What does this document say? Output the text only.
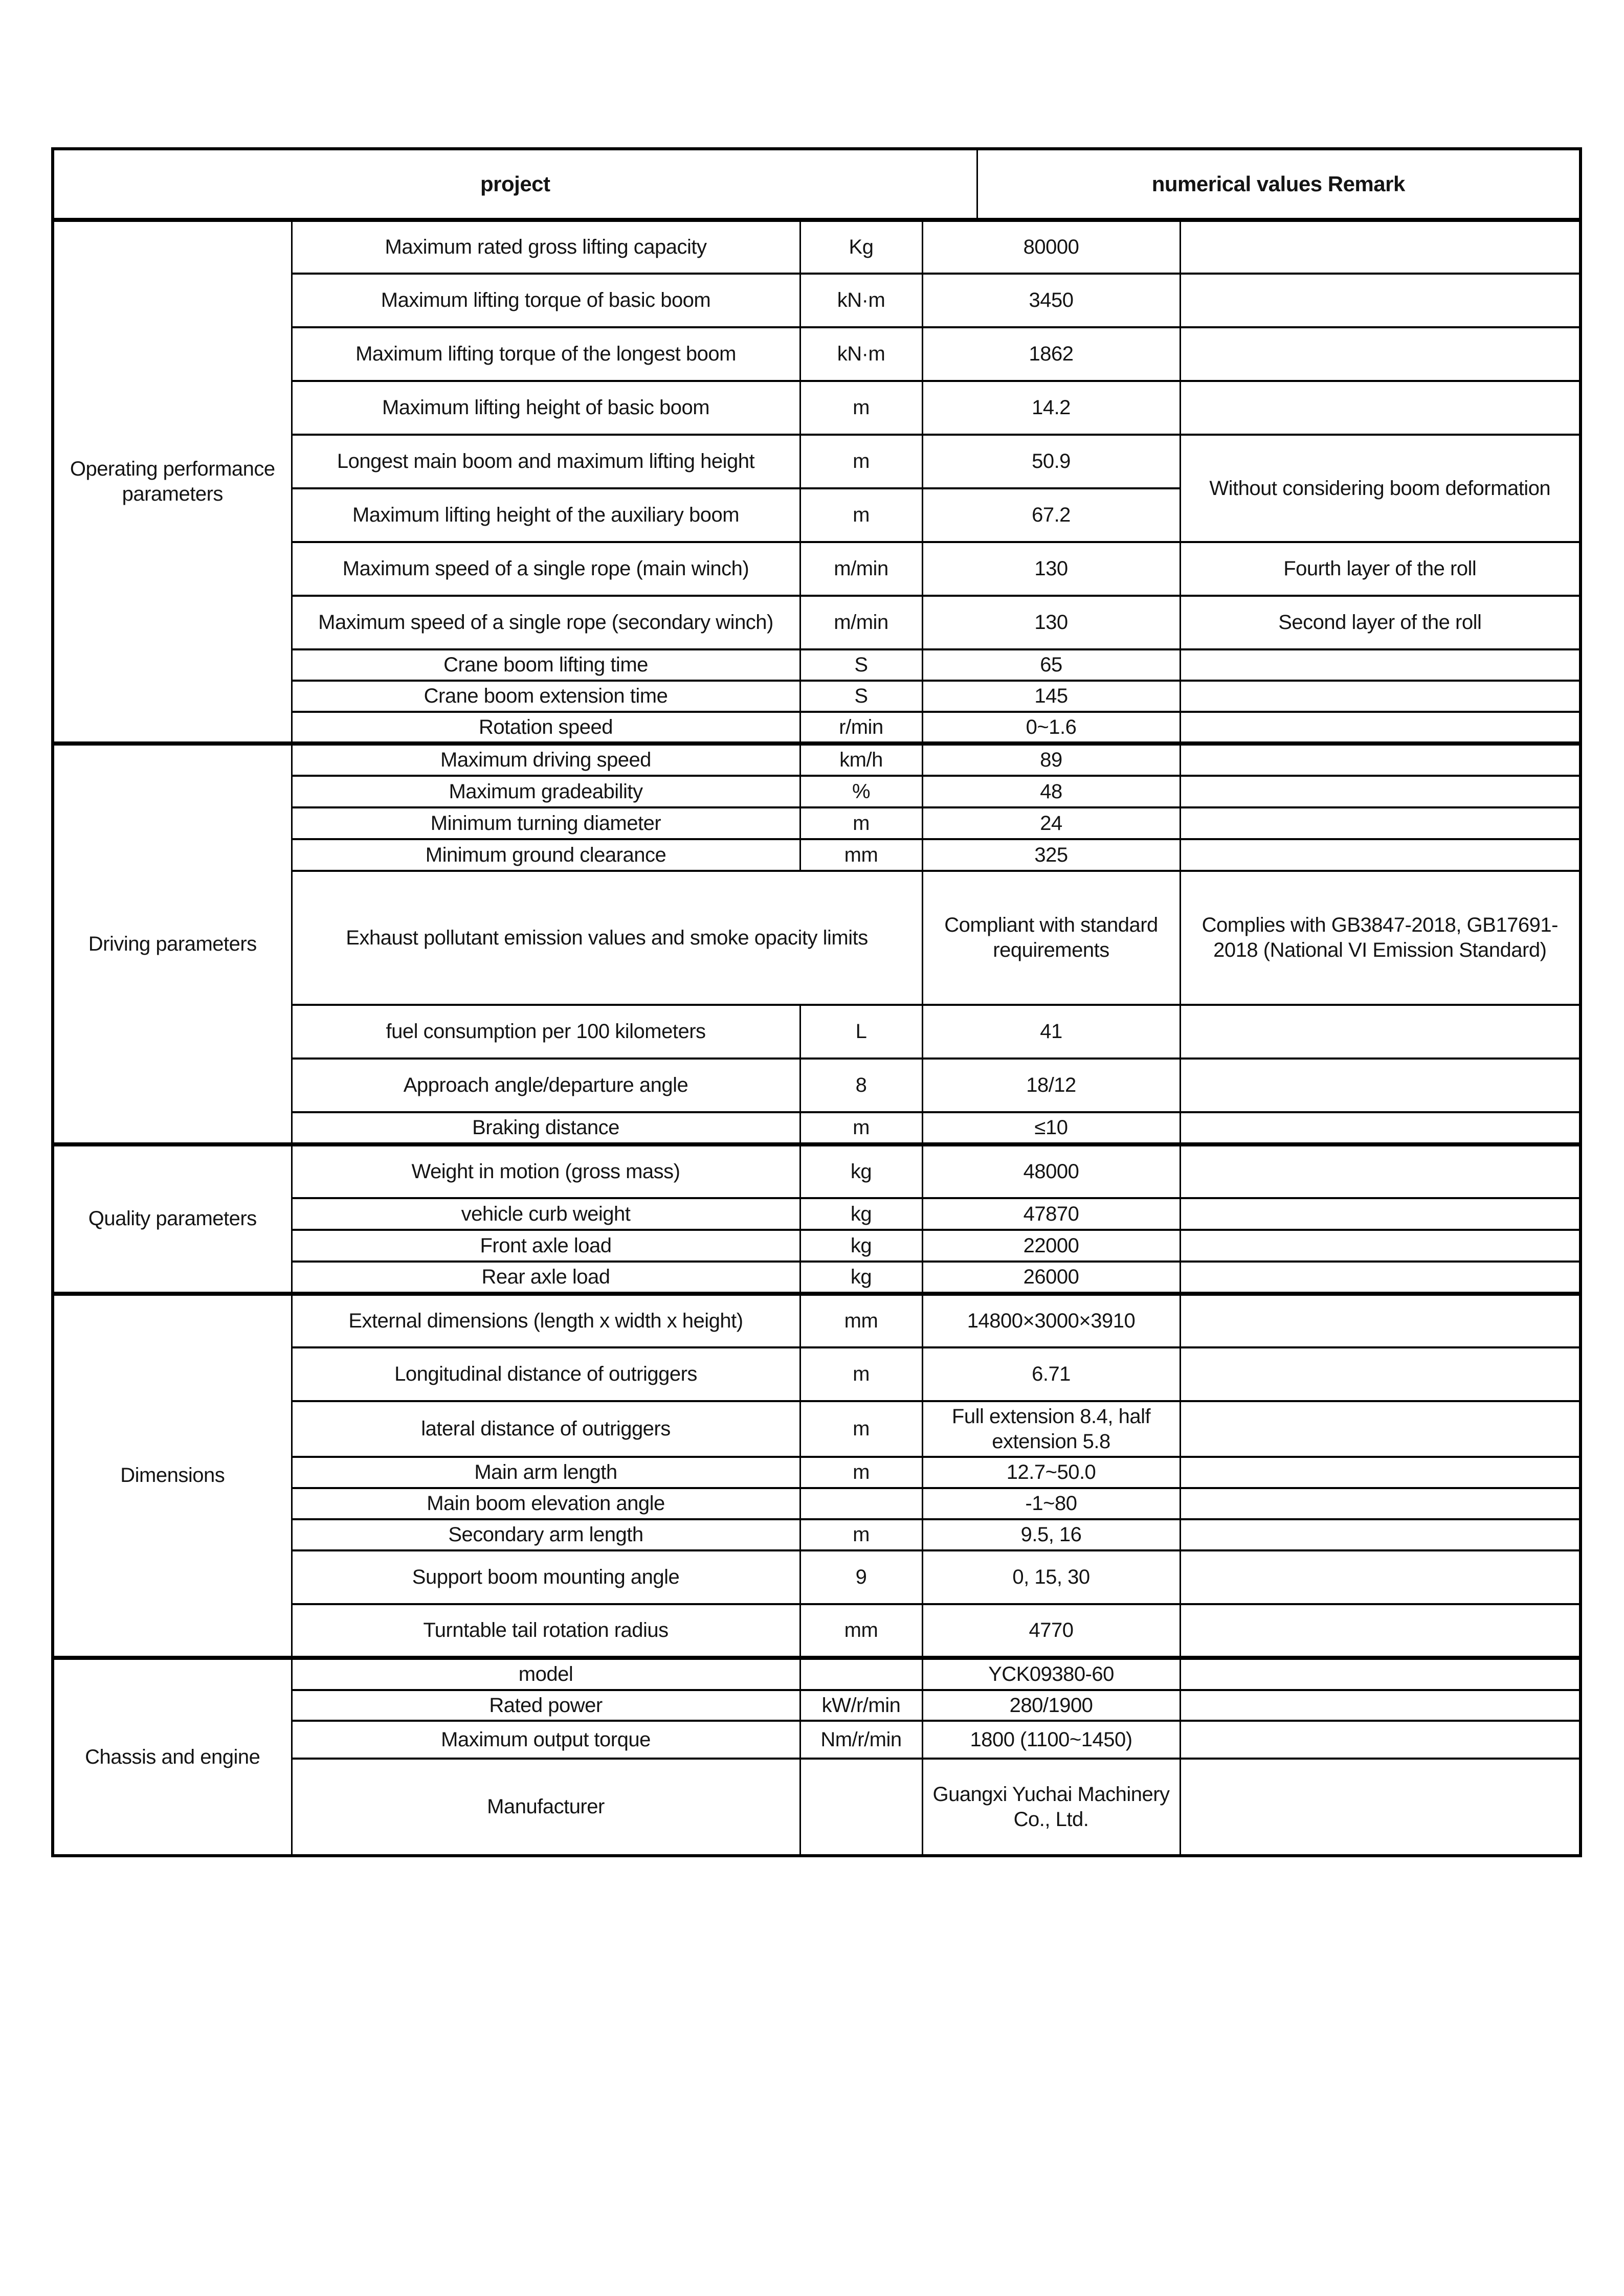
project				numerical values Remark	
Operating performance parameters	Maximum rated gross lifting capacity	Kg	80000		
	Maximum lifting torque of basic boom	kN·m	3450		
	Maximum lifting torque of the longest boom	kN·m	1862		
	Maximum lifting height of basic boom	m	14.2		
	Longest main boom and maximum lifting height	m	50.9		Without considering boom deformation
	Maximum lifting height of the auxiliary boom	m	67.2		
	Maximum speed of a single rope (main winch)	m/min	130		Fourth layer of the roll
	Maximum speed of a single rope (secondary winch)	m/min	130		Second layer of the roll
	Crane boom lifting time	S	65		
	Crane boom extension time	S	145		
	Rotation speed	r/min	0~1.6		
Driving parameters	Maximum driving speed	km/h	89		
	Maximum gradeability	%	48		
	Minimum turning diameter	m	24		
	Minimum ground clearance	mm	325		
	Exhaust pollutant emission values and smoke opacity limits		Compliant with standard requirements		Complies with GB3847-2018, GB17691-2018 (National VI Emission Standard)
	fuel consumption per 100 kilometers	L	41		
	Approach angle/departure angle	8	18/12		
	Braking distance	m	≤10		
Quality parameters	Weight in motion (gross mass)	kg	48000		
	vehicle curb weight	kg	47870		
	Front axle load	kg	22000		
	Rear axle load	kg	26000		
Dimensions	External dimensions (length x width x height)	mm	14800×3000×3910		
	Longitudinal distance of outriggers	m	6.71		
	lateral distance of outriggers	m	Full extension 8.4, half extension 5.8		
	Main arm length	m	12.7~50.0		
	Main boom elevation angle		-1~80		
	Secondary arm length	m	9.5, 16		
	Support boom mounting angle	9	0, 15, 30		
	Turntable tail rotation radius	mm	4770		
Chassis and engine	model		YCK09380-60		
	Rated power	kW/r/min	280/1900		
	Maximum output torque	Nm/r/min	1800 (1100~1450)		
	Manufacturer		Guangxi Yuchai Machinery Co., Ltd.		
